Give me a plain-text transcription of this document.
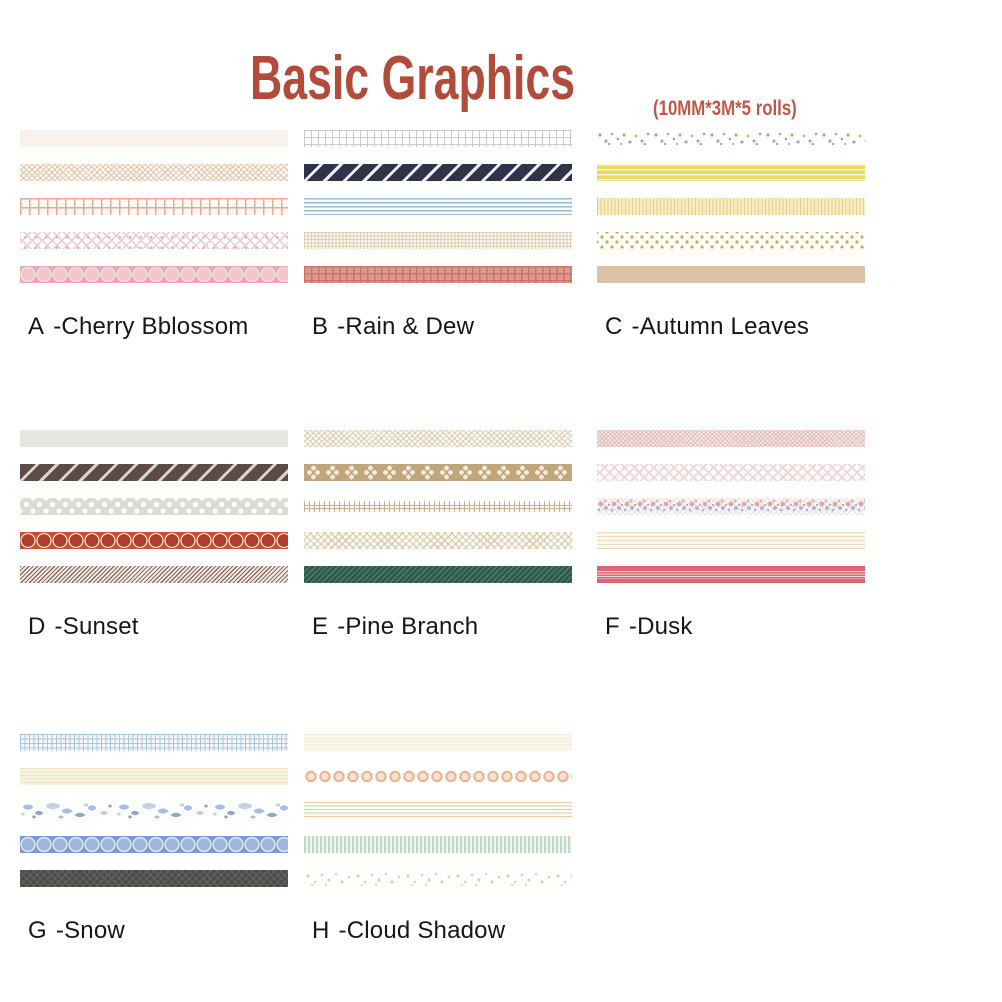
Basic Graphics	(10MM*3M*5 rolls)
A -Cherry Bblossom	B -Rain & Dew	C -Autumn Leaves
D -Sunset	E -Pine Branch	F -Dusk
G -Snow	H -Cloud Shadow
